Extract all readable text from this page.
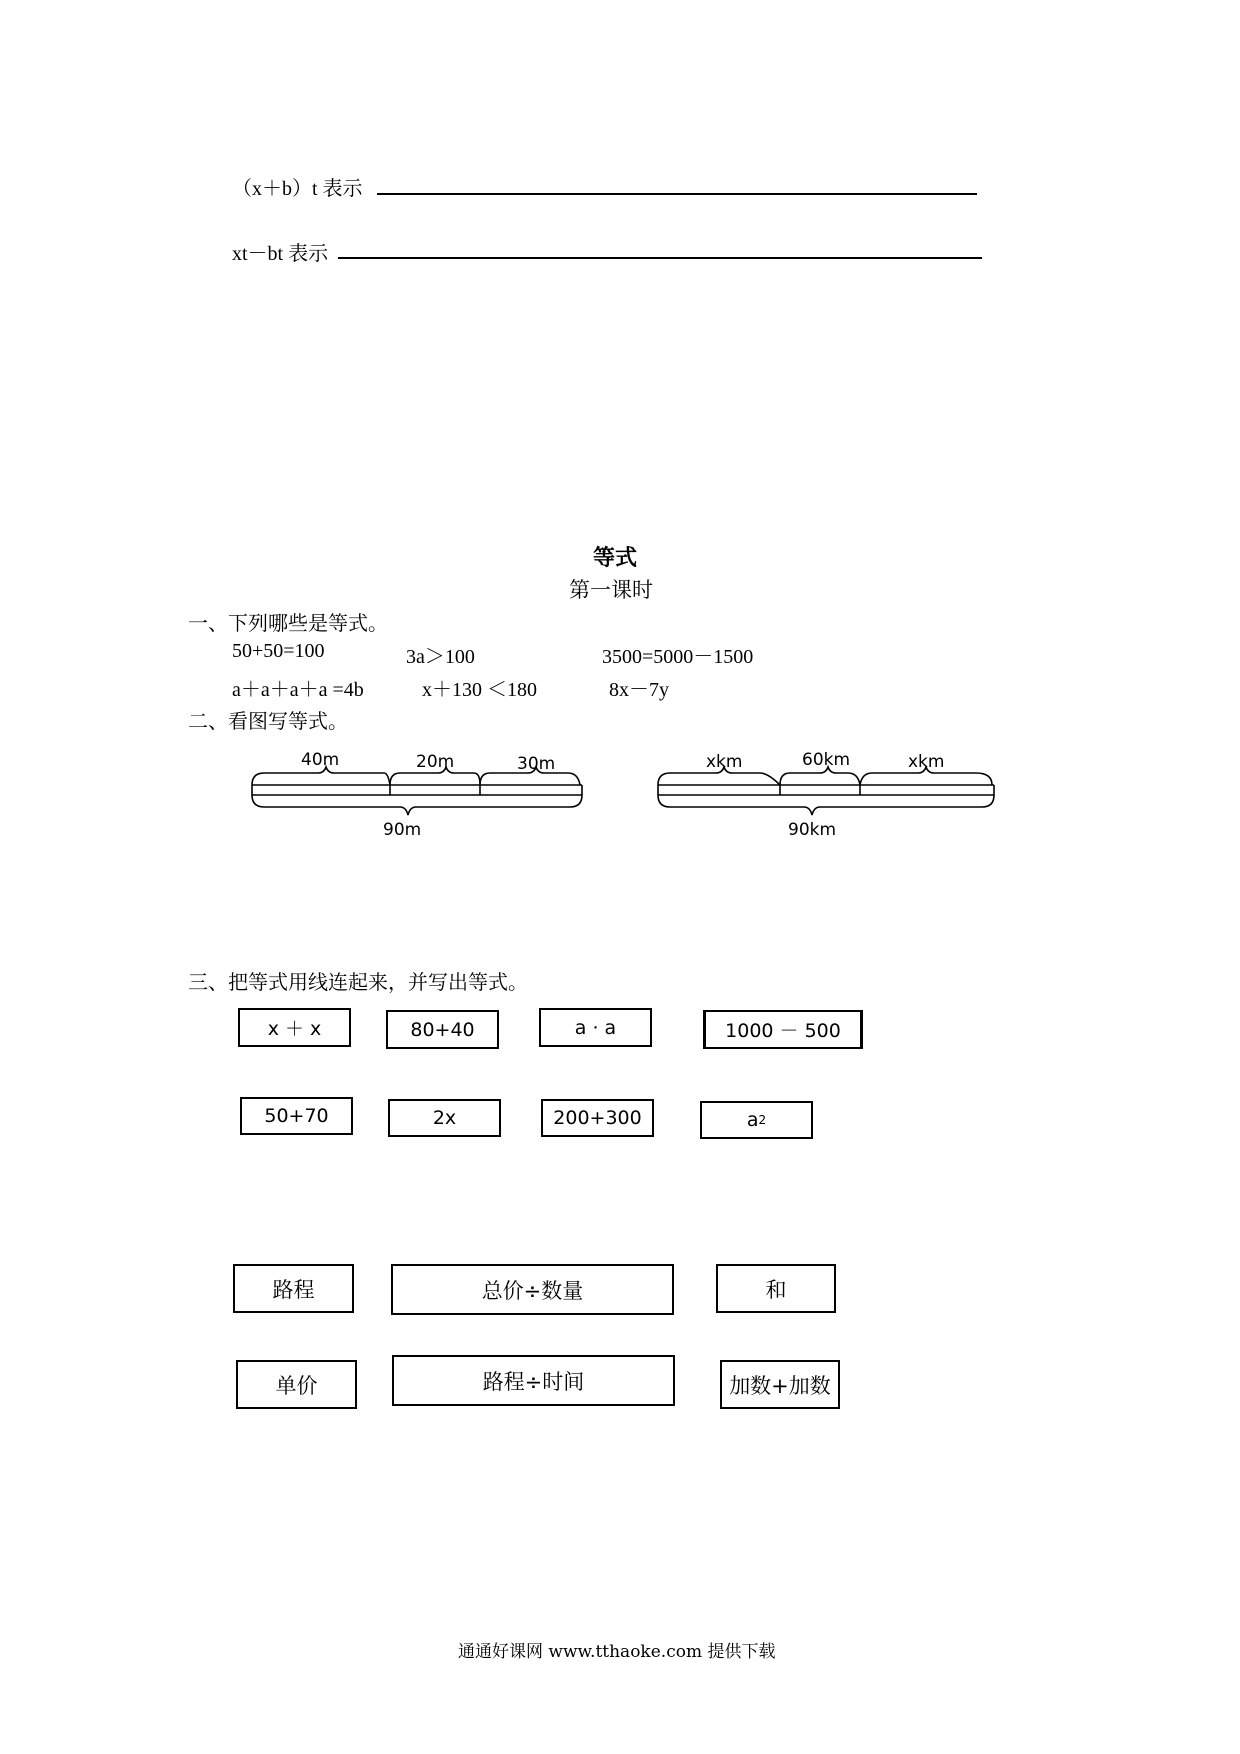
（x＋b）t 表示
xt－bt 表示
等式
第一课时
一、下列哪些是等式。
50+50=100	3a＞100	3500=5000－1500
a＋a＋a＋a =4b	x＋130 ＜180	8x－7y
二、看图写等式。
40m	20m	30m
90m
xkm	60km	xkm
90km
三、把等式用线连起来，并写出等式。
x ＋ x	80+40	a · a	1000 － 500
50+70	2x	200+300	a 2
路程	总价÷数量	和
单价	路程÷时间	加数+加数
通通好课网 www.tthaoke.com 提供下载
